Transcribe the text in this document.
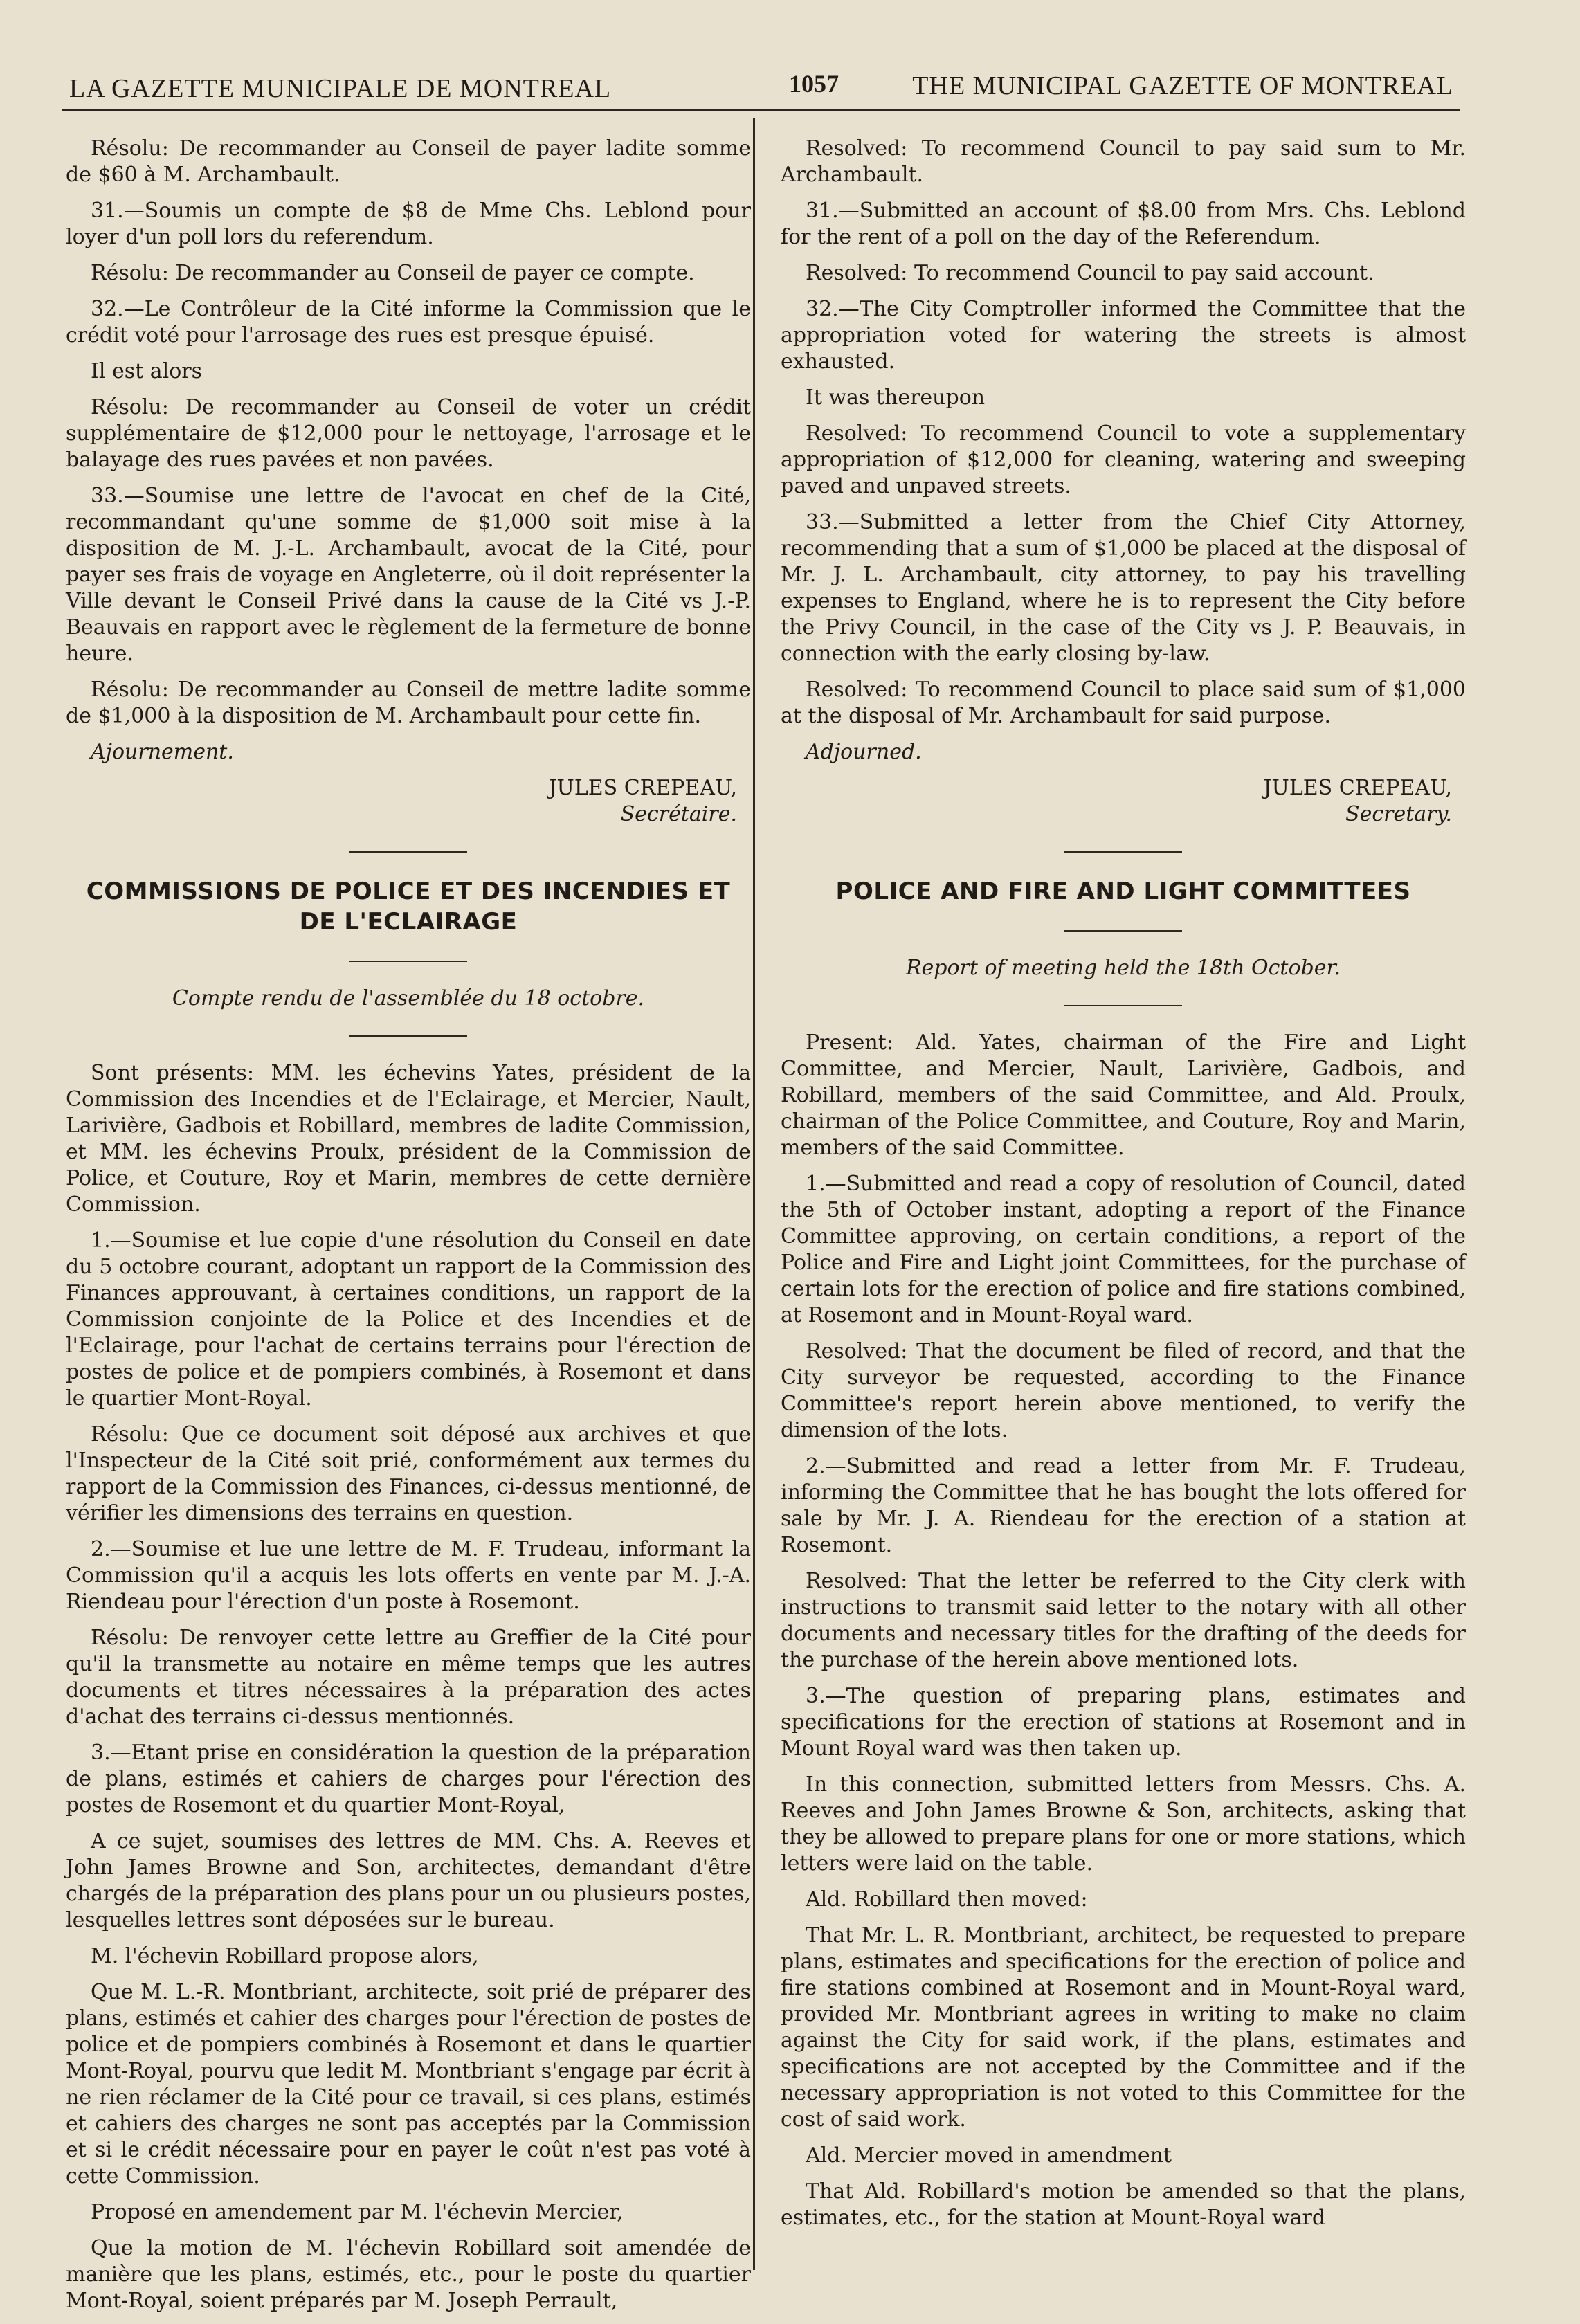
LA GAZETTE MUNICIPALE DE MONTREAL	1057	THE MUNICIPAL GAZETTE OF MONTREAL

Résolu: De recommander au Conseil de payer ladite somme de $60 à M. Archambault.

31.—Soumis un compte de $8 de Mme Chs. Leblond pour loyer d'un poll lors du referendum.

Résolu: De recommander au Conseil de payer ce compte.

32.—Le Contrôleur de la Cité informe la Commission que le crédit voté pour l'arrosage des rues est presque épuisé.

Il est alors

Résolu: De recommander au Conseil de voter un crédit supplémentaire de $12,000 pour le nettoyage, l'arrosage et le balayage des rues pavées et non pavées.

33.—Soumise une lettre de l'avocat en chef de la Cité, recommandant qu'une somme de $1,000 soit mise à la disposition de M. J.-L. Archambault, avocat de la Cité, pour payer ses frais de voyage en Angleterre, où il doit représenter la Ville devant le Conseil Privé dans la cause de la Cité vs J.-P. Beauvais en rapport avec le règlement de la fermeture de bonne heure.

Résolu: De recommander au Conseil de mettre ladite somme de $1,000 à la disposition de M. Archambault pour cette fin.

Ajournement.

JULES CREPEAU,
Secrétaire.
COMMISSIONS DE POLICE ET DES INCENDIES ET DE L'ECLAIRAGE
Compte rendu de l'assemblée du 18 octobre.

Sont présents: MM. les échevins Yates, président de la Commission des Incendies et de l'Eclairage, et Mercier, Nault, Larivière, Gadbois et Robillard, membres de ladite Commission, et MM. les échevins Proulx, président de la Commission de Police, et Couture, Roy et Marin, membres de cette dernière Commission.

1.—Soumise et lue copie d'une résolution du Conseil en date du 5 octobre courant, adoptant un rapport de la Commission des Finances approuvant, à certaines conditions, un rapport de la Commission conjointe de la Police et des Incendies et de l'Eclairage, pour l'achat de certains terrains pour l'érection de postes de police et de pompiers combinés, à Rosemont et dans le quartier Mont-Royal.

Résolu: Que ce document soit déposé aux archives et que l'Inspecteur de la Cité soit prié, conformément aux termes du rapport de la Commission des Finances, ci-dessus mentionné, de vérifier les dimensions des terrains en question.

2.—Soumise et lue une lettre de M. F. Trudeau, informant la Commission qu'il a acquis les lots offerts en vente par M. J.-A. Riendeau pour l'érection d'un poste à Rosemont.

Résolu: De renvoyer cette lettre au Greffier de la Cité pour qu'il la transmette au notaire en même temps que les autres documents et titres nécessaires à la préparation des actes d'achat des terrains ci-dessus mentionnés.

3.—Etant prise en considération la question de la préparation de plans, estimés et cahiers de charges pour l'érection des postes de Rosemont et du quartier Mont-Royal,

A ce sujet, soumises des lettres de MM. Chs. A. Reeves et John James Browne and Son, architectes, demandant d'être chargés de la préparation des plans pour un ou plusieurs postes, lesquelles lettres sont déposées sur le bureau.

M. l'échevin Robillard propose alors,

Que M. L.-R. Montbriant, architecte, soit prié de préparer des plans, estimés et cahier des charges pour l'érection de postes de police et de pompiers combinés à Rosemont et dans le quartier Mont-Royal, pourvu que ledit M. Montbriant s'engage par écrit à ne rien réclamer de la Cité pour ce travail, si ces plans, estimés et cahiers des charges ne sont pas acceptés par la Commission et si le crédit nécessaire pour en payer le coût n'est pas voté à cette Commission.

Proposé en amendement par M. l'échevin Mercier,

Que la motion de M. l'échevin Robillard soit amendée de manière que les plans, estimés, etc., pour le poste du quartier Mont-Royal, soient préparés par M. Joseph Perrault,

Resolved: To recommend Council to pay said sum to Mr. Archambault.

31.—Submitted an account of $8.00 from Mrs. Chs. Leblond for the rent of a poll on the day of the Referendum.

Resolved: To recommend Council to pay said account.

32.—The City Comptroller informed the Committee that the appropriation voted for watering the streets is almost exhausted.

It was thereupon

Resolved: To recommend Council to vote a supplementary appropriation of $12,000 for cleaning, watering and sweeping paved and unpaved streets.

33.—Submitted a letter from the Chief City Attorney, recommending that a sum of $1,000 be placed at the disposal of Mr. J. L. Archambault, city attorney, to pay his travelling expenses to England, where he is to represent the City before the Privy Council, in the case of the City vs J. P. Beauvais, in connection with the early closing by-law.

Resolved: To recommend Council to place said sum of $1,000 at the disposal of Mr. Archambault for said purpose.

Adjourned.

JULES CREPEAU,
Secretary.
POLICE AND FIRE AND LIGHT COMMITTEES
Report of meeting held the 18th October.

Present: Ald. Yates, chairman of the Fire and Light Committee, and Mercier, Nault, Larivière, Gadbois, and Robillard, members of the said Committee, and Ald. Proulx, chairman of the Police Committee, and Couture, Roy and Marin, members of the said Committee.

1.—Submitted and read a copy of resolution of Council, dated the 5th of October instant, adopting a report of the Finance Committee approving, on certain conditions, a report of the Police and Fire and Light joint Committees, for the purchase of certain lots for the erection of police and fire stations combined, at Rosemont and in Mount-Royal ward.

Resolved: That the document be filed of record, and that the City surveyor be requested, according to the Finance Committee's report herein above mentioned, to verify the dimension of the lots.

2.—Submitted and read a letter from Mr. F. Trudeau, informing the Committee that he has bought the lots offered for sale by Mr. J. A. Riendeau for the erection of a station at Rosemont.

Resolved: That the letter be referred to the City clerk with instructions to transmit said letter to the notary with all other documents and necessary titles for the drafting of the deeds for the purchase of the herein above mentioned lots.

3.—The question of preparing plans, estimates and specifications for the erection of stations at Rosemont and in Mount Royal ward was then taken up.

In this connection, submitted letters from Messrs. Chs. A. Reeves and John James Browne & Son, architects, asking that they be allowed to prepare plans for one or more stations, which letters were laid on the table.

Ald. Robillard then moved:

That Mr. L. R. Montbriant, architect, be requested to prepare plans, estimates and specifications for the erection of police and fire stations combined at Rosemont and in Mount-Royal ward, provided Mr. Montbriant agrees in writing to make no claim against the City for said work, if the plans, estimates and specifications are not accepted by the Committee and if the necessary appropriation is not voted to this Committee for the cost of said work.

Ald. Mercier moved in amendment

That Ald. Robillard's motion be amended so that the plans, estimates, etc., for the station at Mount-Royal ward
